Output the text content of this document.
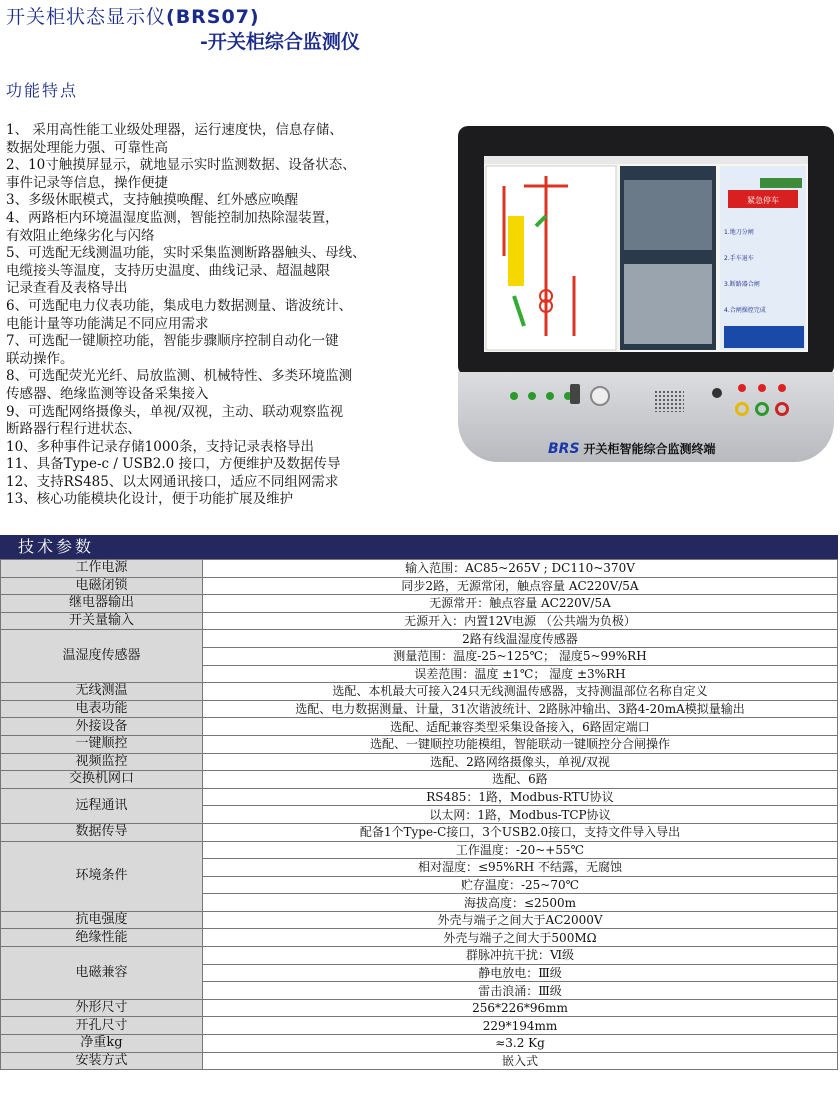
开关柜状态显示仪(BRS07)
-开关柜综合监测仪
功能特点
1、 采用高性能工业级处理器，运行速度快，信息存储、
数据处理能力强、可靠性高
2、10寸触摸屏显示，就地显示实时监测数据、设备状态、
事件记录等信息，操作便捷
3、多级休眠模式，支持触摸唤醒、红外感应唤醒
4、两路柜内环境温湿度监测，智能控制加热除湿装置，
有效阻止绝缘劣化与闪络
5、可选配无线测温功能，实时采集监测断路器触头、母线、
电缆接头等温度，支持历史温度、曲线记录、超温越限
记录查看及表格导出
6、可选配电力仪表功能，集成电力数据测量、谐波统计、
电能计量等功能满足不同应用需求
7、可选配一键顺控功能，智能步骤顺序控制自动化一键
联动操作。
8、可选配荧光光纤、局放监测、机械特性、多类环境监测
传感器、绝缘监测等设备采集接入
9、可选配网络摄像头，单视/双视，主动、联动观察监视
断路器行程行进状态、
10、多种事件记录存储1000条，支持记录表格导出
11、具备Type-c / USB2.0 接口，方便维护及数据传导
12、支持RS485、以太网通讯接口，适应不同组网需求
13、核心功能模块化设计，便于功能扩展及维护
紧急停车
1.地刀分闸
2.手车退车
3.断路器合闸
4.合闸操控完成
BRS 开关柜智能综合监测终端
技术参数
工作电源	输入范围：AC85~265V ; DC110~370V
电磁闭锁	同步2路，无源常闭，触点容量 AC220V/5A
继电器输出	无源常开：触点容量 AC220V/5A
开关量输入	无源开入：内置12V电源 （公共端为负极）
温湿度传感器	2路有线温湿度传感器
	测量范围：温度-25~125℃； 湿度5~99%RH
	误差范围：温度 ±1℃； 湿度 ±3%RH
无线测温	选配、本机最大可接入24只无线测温传感器，支持测温部位名称自定义
电表功能	选配、电力数据测量、计量，31次谐波统计、2路脉冲输出、3路4-20mA模拟量输出
外接设备	选配、适配兼容类型采集设备接入，6路固定端口
一键顺控	选配、一键顺控功能模组，智能联动一键顺控分合闸操作
视频监控	选配、2路网络摄像头，单视/双视
交换机网口	选配、6路
远程通讯	RS485：1路，Modbus-RTU协议
	以太网：1路，Modbus-TCP协议
数据传导	配备1个Type-C接口，3个USB2.0接口，支持文件导入导出
环境条件	工作温度：-20~+55℃
	相对湿度：≤95%RH 不结露，无腐蚀
	贮存温度：-25~70℃
	海拔高度：≤2500m
抗电强度	外壳与端子之间大于AC2000V
绝缘性能	外壳与端子之间大于500MΩ
电磁兼容	群脉冲抗干扰：Ⅵ级
	静电放电：Ⅲ级
	雷击浪涌：Ⅲ级
外形尺寸	256*226*96mm
开孔尺寸	229*194mm
净重kg	≈3.2 Kg
安装方式	嵌入式
